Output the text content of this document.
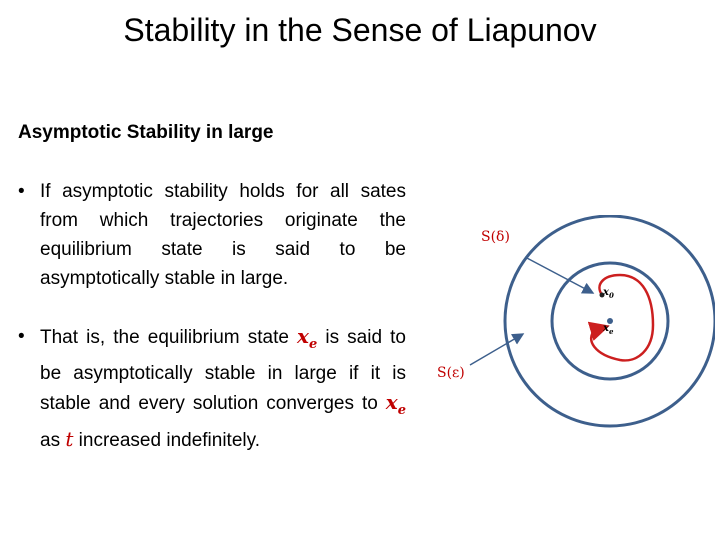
Stability in the Sense of Liapunov
Asymptotic Stability in large
• If asymptotic stability holds for all sates from which trajectories originate the equilibrium state is said to be asymptotically stable in large.
• That is, the equilibrium state $x_e$ is said to be asymptotically stable in large if it is stable and every solution converges to $x_e$ as t increased indefinitely.
S(δ)
S(ε)
$x_0$
$x_e$
